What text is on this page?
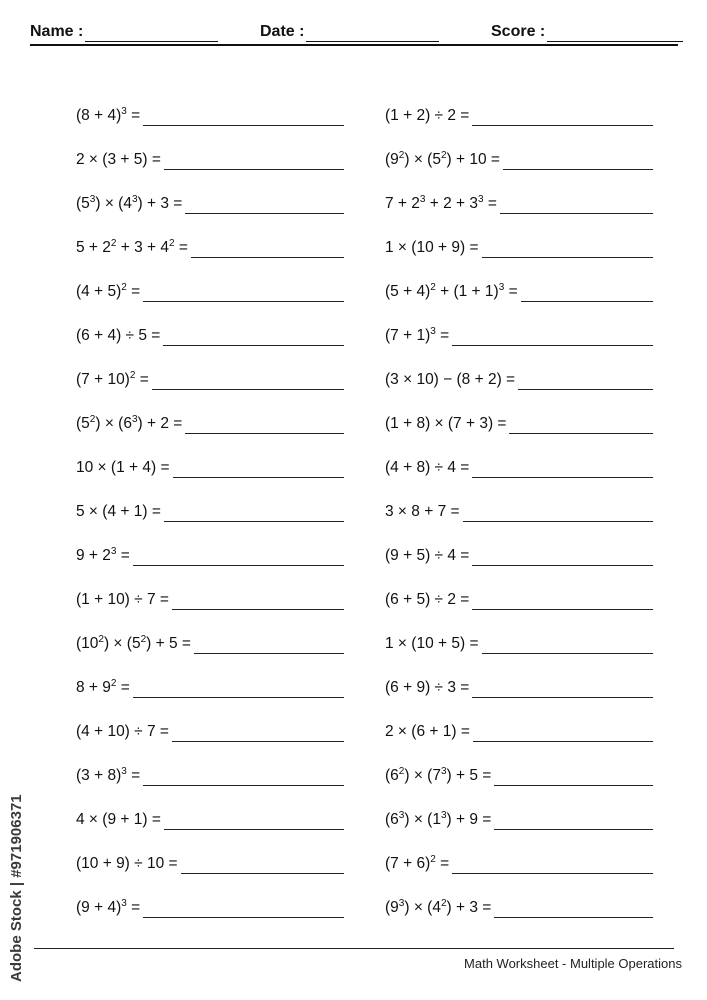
Name :	Date :	Score :
$(8 + 4)^3$ =
2 × (3 + 5) =
$(5^3) \times (4^3) + 3$ =
$5 + 2^2 + 3 + 4^2$ =
$(4 + 5)^2$ =
(6 + 4) ÷ 5 =
$(7 + 10)^2$ =
$(5^2) \times (6^3) + 2$ =
10 × (1 + 4) =
5 × (4 + 1) =
$9 + 2^3$ =
(1 + 10) ÷ 7 =
$(10^2) \times (5^2) + 5$ =
$8 + 9^2$ =
(4 + 10) ÷ 7 =
$(3 + 8)^3$ =
4 × (9 + 1) =
(10 + 9) ÷ 10 =
$(9 + 4)^3$ =
(1 + 2) ÷ 2 =
$(9^2) \times (5^2) + 10$ =
$7 + 2^3 + 2 + 3^3$ =
1 × (10 + 9) =
$(5 + 4)^2 + (1 + 1)^3$ =
$(7 + 1)^3$ =
(3 × 10) − (8 + 2) =
(1 + 8) × (7 + 3) =
(4 + 8) ÷ 4 =
3 × 8 + 7 =
(9 + 5) ÷ 4 =
(6 + 5) ÷ 2 =
1 × (10 + 5) =
(6 + 9) ÷ 3 =
2 × (6 + 1) =
$(6^2) \times (7^3) + 5$ =
$(6^3) \times (1^3) + 9$ =
$(7 + 6)^2$ =
$(9^3) \times (4^2) + 3$ =
Math Worksheet - Multiple Operations
Adobe Stock | #971906371
